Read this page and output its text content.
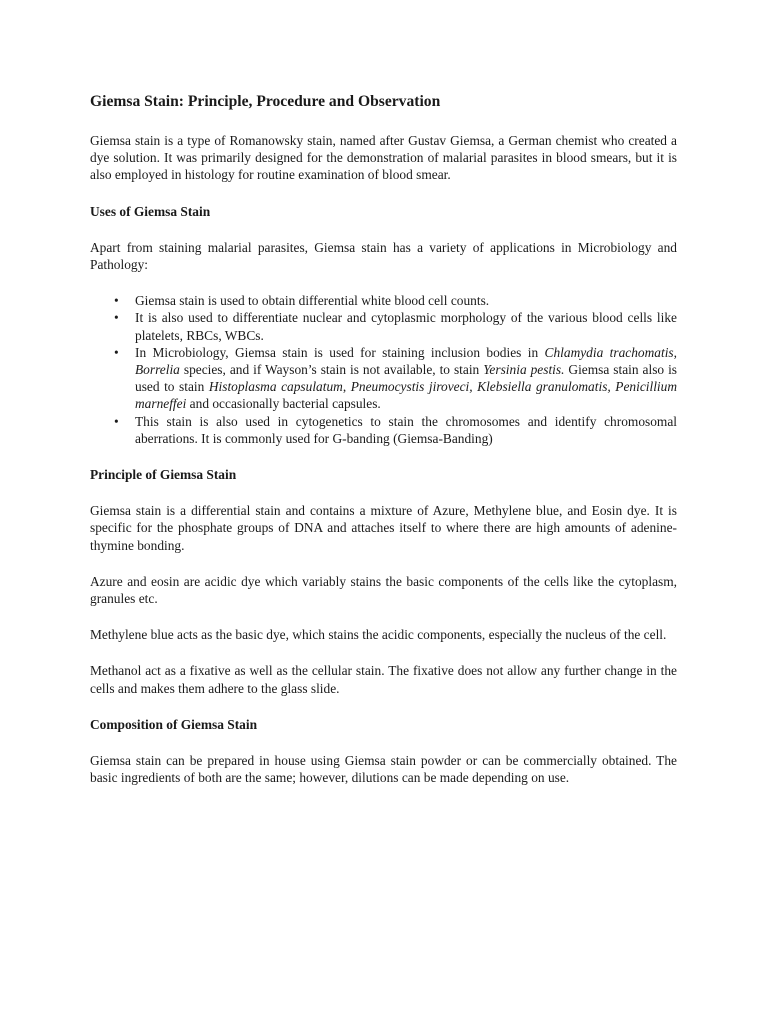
Giemsa Stain: Principle, Procedure and Observation

Giemsa stain is a type of Romanowsky stain, named after Gustav Giemsa, a German chemist who created a dye solution. It was primarily designed for the demonstration of malarial parasites in blood smears, but it is also employed in histology for routine examination of blood smear.

Uses of Giemsa Stain

Apart from staining malarial parasites, Giemsa stain has a variety of applications in Microbiology and Pathology:

• Giemsa stain is used to obtain differential white blood cell counts.
• It is also used to differentiate nuclear and cytoplasmic morphology of the various blood cells like platelets, RBCs, WBCs.
• In Microbiology, Giemsa stain is used for staining inclusion bodies in Chlamydia trachomatis, Borrelia species, and if Wayson’s stain is not available, to stain Yersinia pestis. Giemsa stain also is used to stain Histoplasma capsulatum, Pneumocystis jiroveci, Klebsiella granulomatis, Penicillium marneffei and occasionally bacterial capsules.
• This stain is also used in cytogenetics to stain the chromosomes and identify chromosomal aberrations. It is commonly used for G-banding (Giemsa-Banding)
Principle of Giemsa Stain

Giemsa stain is a differential stain and contains a mixture of Azure, Methylene blue, and Eosin dye. It is specific for the phosphate groups of DNA and attaches itself to where there are high amounts of adenine-thymine bonding.

Azure and eosin are acidic dye which variably stains the basic components of the cells like the cytoplasm, granules etc.

Methylene blue acts as the basic dye, which stains the acidic components, especially the nucleus of the cell.

Methanol act as a fixative as well as the cellular stain. The fixative does not allow any further change in the cells and makes them adhere to the glass slide.

Composition of Giemsa Stain

Giemsa stain can be prepared in house using Giemsa stain powder or can be commercially obtained. The basic ingredients of both are the same; however, dilutions can be made depending on use.
